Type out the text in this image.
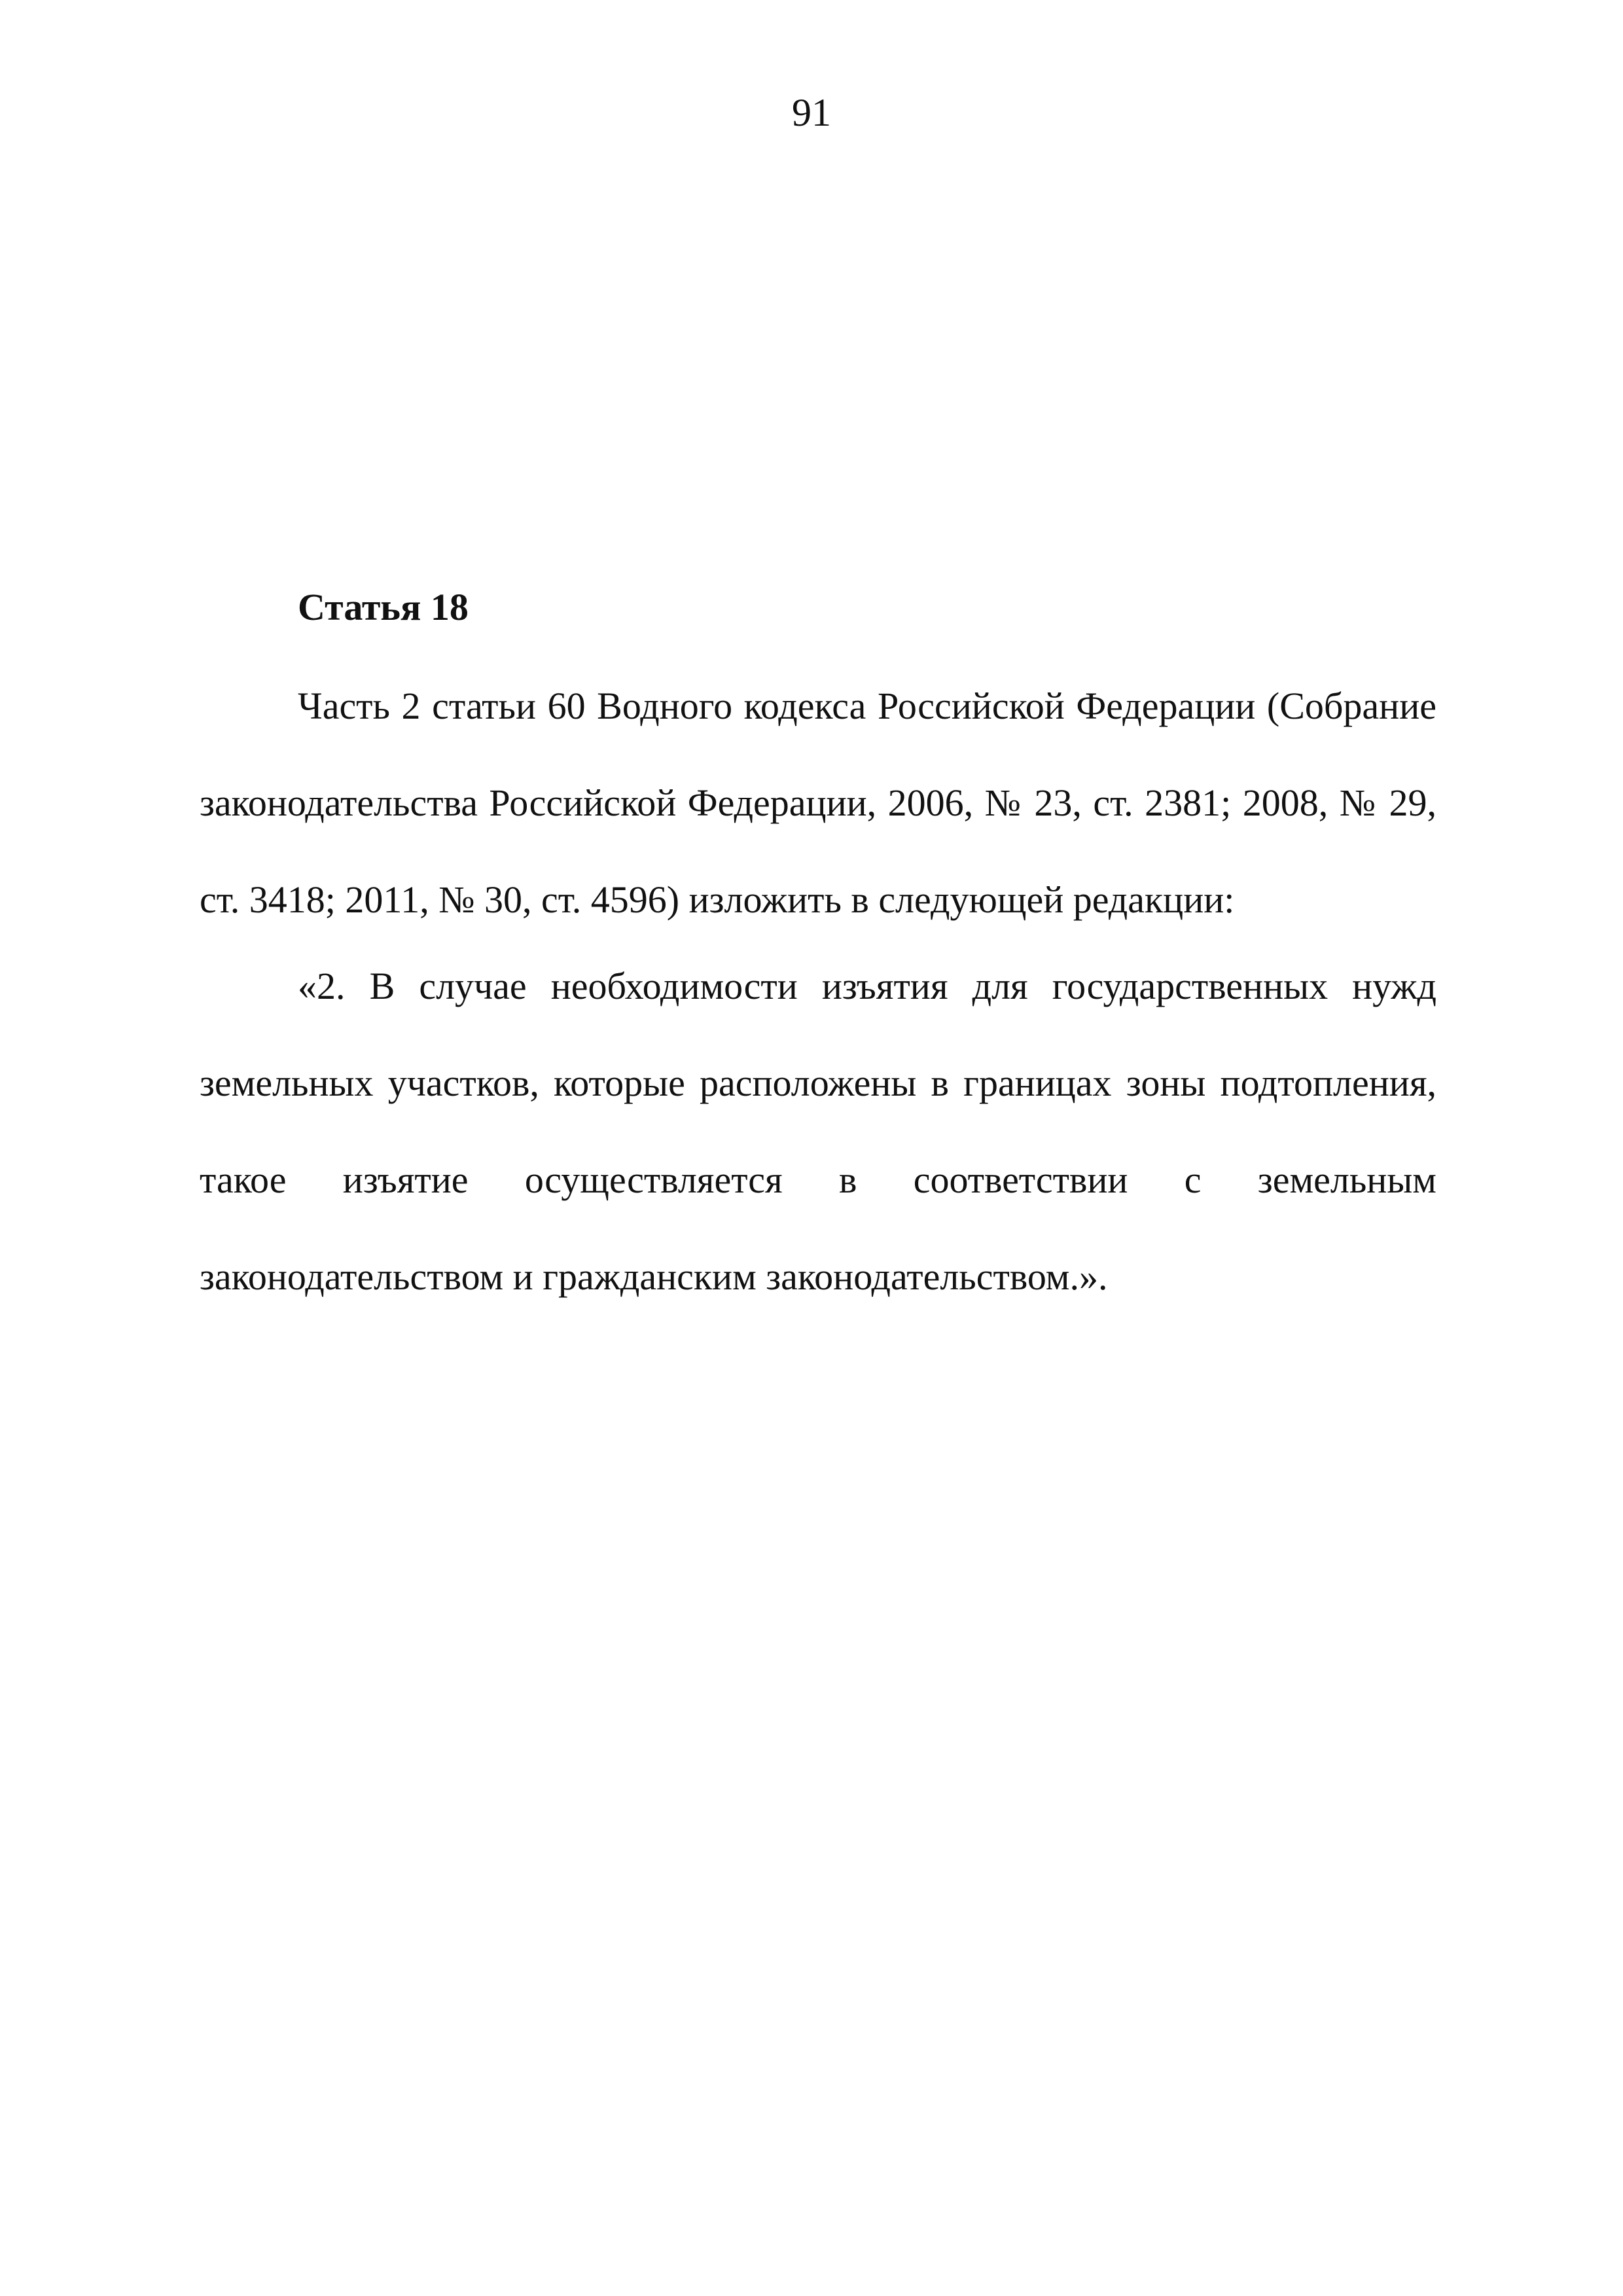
91
Статья 18

Часть 2 статьи 60 Водного кодекса Российской Федерации (Собрание законодательства Российской Федерации, 2006, № 23, ст. 2381; 2008, № 29, ст. 3418; 2011, № 30, ст. 4596) изложить в следующей редакции:

«2. В случае необходимости изъятия для государственных нужд земельных участков, которые расположены в границах зоны подтопления, такое изъятие осуществляется в соответствии с земельным законодательством и гражданским законодательством.».
